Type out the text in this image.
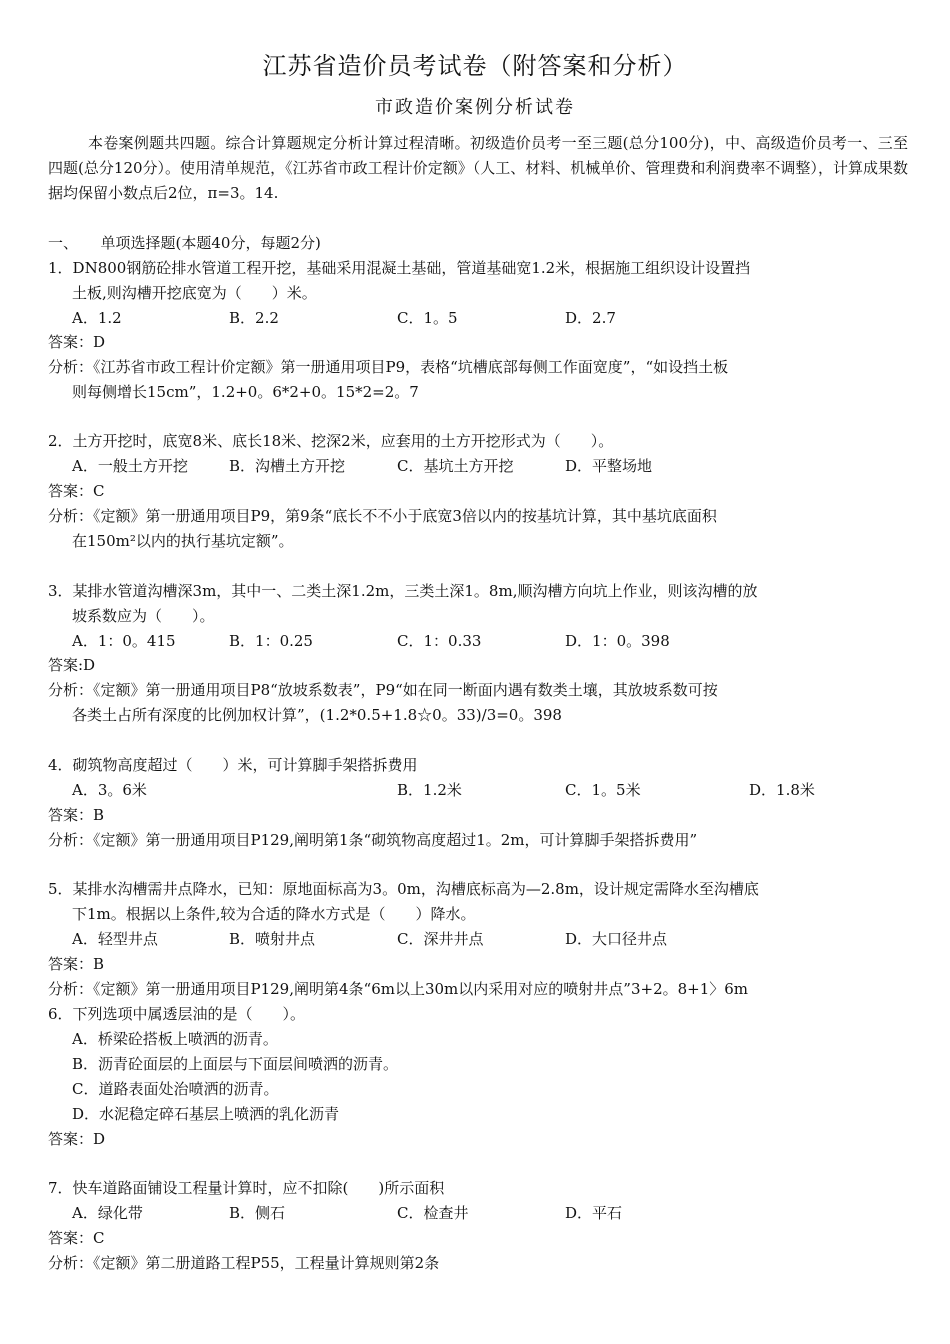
江苏省造价员考试卷（附答案和分析）
市政造价案例分析试卷
本卷案例题共四题。综合计算题规定分析计算过程清晰。初级造价员考一至三题(总分100分)，中、高级造价员考一、三至四题(总分120分）。使用清单规范，《江苏省市政工程计价定额》（人工、材料、机械单价、管理费和利润费率不调整），计算成果数据均保留小数点后2位，π=3。14.
一、　　单项选择题(本题40分，每题2分)
1．DN800钢筋砼排水管道工程开挖，基础采用混凝土基础，管道基础宽1.2米，根据施工组织设计设置挡
土板,则沟槽开挖底宽为（　　）米。
A．1.2	B．2.2	C．1。5	D．2.7
答案：D
分析：《江苏省市政工程计价定额》第一册通用项目P9，表格“坑槽底部每侧工作面宽度”，“如设挡土板
则每侧增长15cm”，1.2+0。6*2+0。15*2=2。7
2．土方开挖时，底宽8米、底长18米、挖深2米，应套用的土方开挖形式为（　　）。
A．一般土方开挖	B．沟槽土方开挖	C．基坑土方开挖	D．平整场地
答案：C
分析：《定额》第一册通用项目P9，第9条“底长不不小于底宽3倍以内的按基坑计算，其中基坑底面积
在150m²以内的执行基坑定额”。
3．某排水管道沟槽深3m，其中一、二类土深1.2m，三类土深1。8m,顺沟槽方向坑上作业，则该沟槽的放
坡系数应为（　　）。
A．1：0。415	B．1：0.25	C．1：0.33	D．1：0。398
答案:D
分析：《定额》第一册通用项目P8“放坡系数表”，P9“如在同一断面内遇有数类土壤，其放坡系数可按
各类土占所有深度的比例加权计算”，(1.2*0.5+1.8☆0。33)/3=0。398
4．砌筑物高度超过（　　）米，可计算脚手架搭拆费用
A．3。6米	B．1.2米	C．1。5米	D．1.8米
答案：B
分析：《定额》第一册通用项目P129,阐明第1条“砌筑物高度超过1。2m，可计算脚手架搭拆费用”
5．某排水沟槽需井点降水，已知：原地面标高为3。0m，沟槽底标高为—2.8m，设计规定需降水至沟槽底
下1m。根据以上条件,较为合适的降水方式是（　　）降水。
A．轻型井点	B．喷射井点	C．深井井点	D．大口径井点
答案：B
分析：《定额》第一册通用项目P129,阐明第4条“6m以上30m以内采用对应的喷射井点”3+2。8+1〉6m
6．下列选项中属透层油的是（　　）。
A．桥梁砼搭板上喷洒的沥青。
B．沥青砼面层的上面层与下面层间喷洒的沥青。
C．道路表面处治喷洒的沥青。
D．水泥稳定碎石基层上喷洒的乳化沥青
答案：D
7．快车道路面铺设工程量计算时，应不扣除(　　)所示面积
A．绿化带	B．侧石	C．检查井	D．平石
答案：C
分析：《定额》第二册道路工程P55，工程量计算规则第2条
